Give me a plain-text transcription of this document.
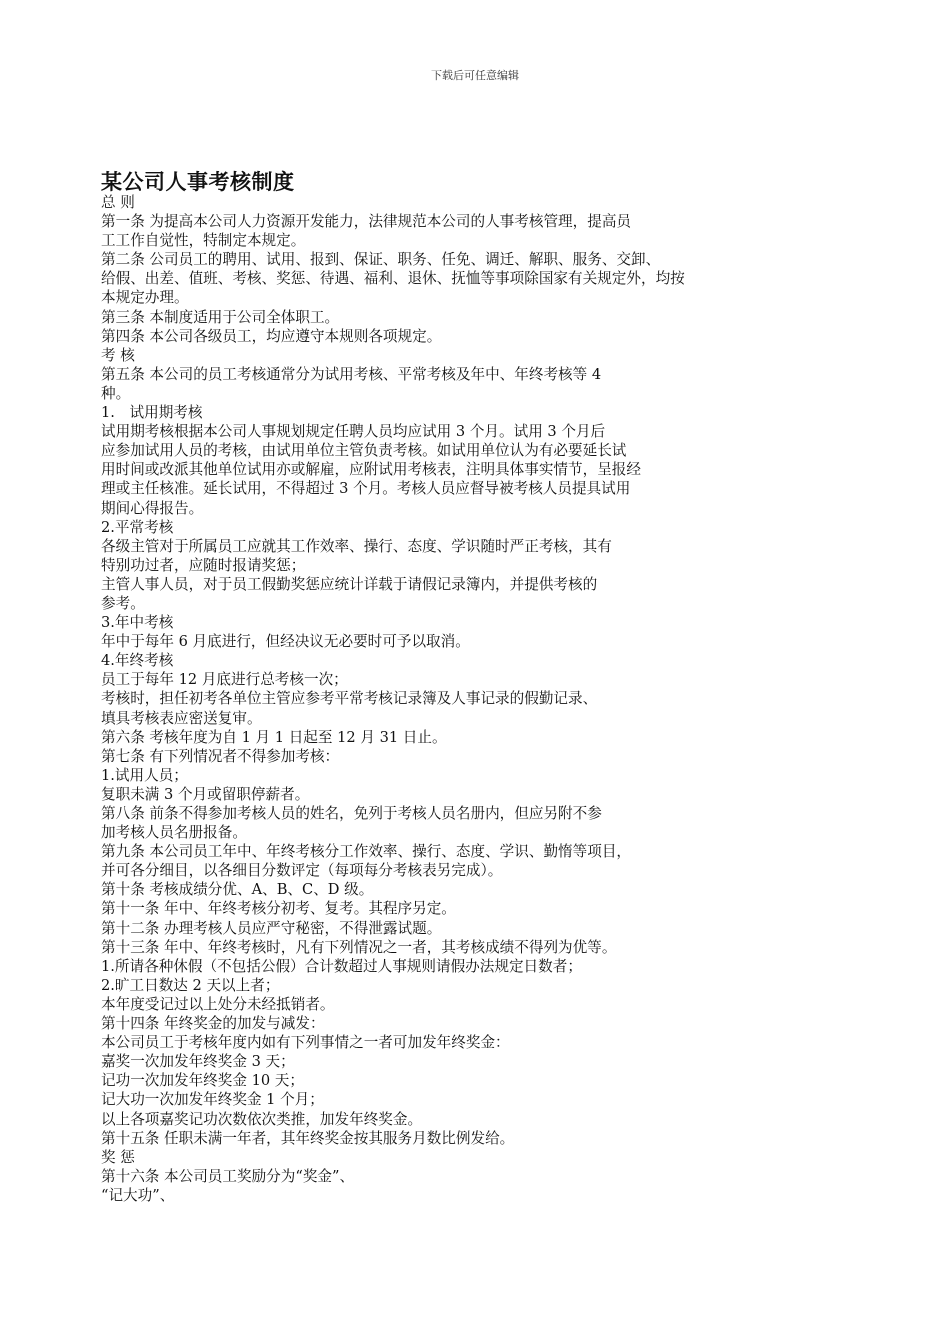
下载后可任意编辑
某公司人事考核制度
总 则
第一条 为提高本公司人力资源开发能力，法律规范本公司的人事考核管理，提高员
工工作自觉性，特制定本规定。
第二条 公司员工的聘用、试用、报到、保证、职务、任免、调迁、解职、服务、交卸、
给假、出差、值班、考核、奖惩、待遇、福利、退休、抚恤等事项除国家有关规定外，均按
本规定办理。
第三条 本制度适用于公司全体职工。
第四条 本公司各级员工，均应遵守本规则各项规定。
考 核
第五条 本公司的员工考核通常分为试用考核、平常考核及年中、年终考核等 4
种。
1.　试用期考核
试用期考核根据本公司人事规划规定任聘人员均应试用 3 个月。试用 3 个月后
应参加试用人员的考核，由试用单位主管负责考核。如试用单位认为有必要延长试
用时间或改派其他单位试用亦或解雇，应附试用考核表，注明具体事实情节，呈报经
理或主任核准。延长试用，不得超过 3 个月。考核人员应督导被考核人员提具试用
期间心得报告。
2.平常考核
各级主管对于所属员工应就其工作效率、操行、态度、学识随时严正考核，其有
特别功过者，应随时报请奖惩；
主管人事人员，对于员工假勤奖惩应统计详载于请假记录簿内，并提供考核的
参考。
3.年中考核
年中于每年 6 月底进行，但经决议无必要时可予以取消。
4.年终考核
员工于每年 12 月底进行总考核一次；
考核时，担任初考各单位主管应参考平常考核记录簿及人事记录的假勤记录、
填具考核表应密送复审。
第六条 考核年度为自 1 月 1 日起至 12 月 31 日止。
第七条 有下列情况者不得参加考核：
1.试用人员；
复职未满 3 个月或留职停薪者。
第八条 前条不得参加考核人员的姓名，免列于考核人员名册内，但应另附不参
加考核人员名册报备。
第九条 本公司员工年中、年终考核分工作效率、操行、态度、学识、勤惰等项目，
并可各分细目，以各细目分数评定（每项每分考核表另完成）。
第十条 考核成绩分优、A、B、C、D 级。
第十一条 年中、年终考核分初考、复考。其程序另定。
第十二条 办理考核人员应严守秘密，不得泄露试题。
第十三条 年中、年终考核时，凡有下列情况之一者，其考核成绩不得列为优等。
1.所请各种休假（不包括公假）合计数超过人事规则请假办法规定日数者；
2.旷工日数达 2 天以上者；
本年度受记过以上处分未经抵销者。
第十四条 年终奖金的加发与减发：
本公司员工于考核年度内如有下列事情之一者可加发年终奖金：
嘉奖一次加发年终奖金 3 天；
记功一次加发年终奖金 10 天；
记大功一次加发年终奖金 1 个月；
以上各项嘉奖记功次数依次类推，加发年终奖金。
第十五条 任职未满一年者，其年终奖金按其服务月数比例发给。
奖 惩
第十六条 本公司员工奖励分为“奖金”、
“记大功”、
